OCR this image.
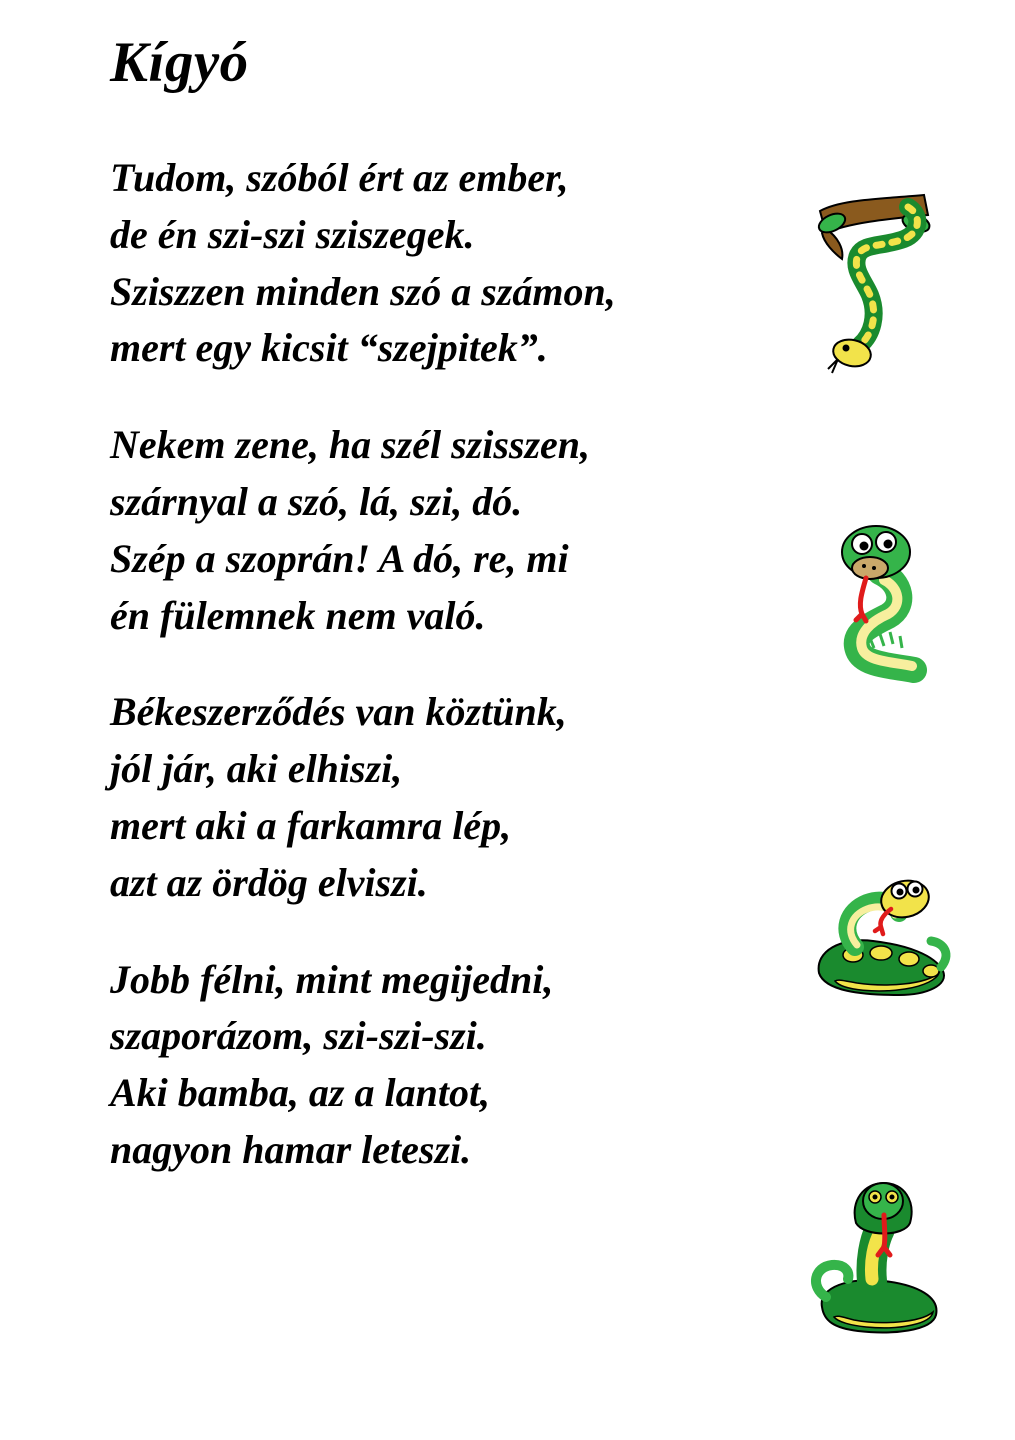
Kígyó
Tudom, szóból ért az ember,
de én szi-szi sziszegek.
Sziszzen minden szó a számon,
mert egy kicsit “szejpitek”.
Nekem zene, ha szél szisszen,
szárnyal a szó, lá, szi, dó.
Szép a szoprán! A dó, re, mi
én fülemnek nem való.
Békeszerződés van köztünk,
jól jár, aki elhiszi,
mert aki a farkamra lép,
azt az ördög elviszi.
Jobb félni, mint megijedni,
szaporázom, szi-szi-szi.
Aki bamba, az a lantot,
nagyon hamar leteszi.
